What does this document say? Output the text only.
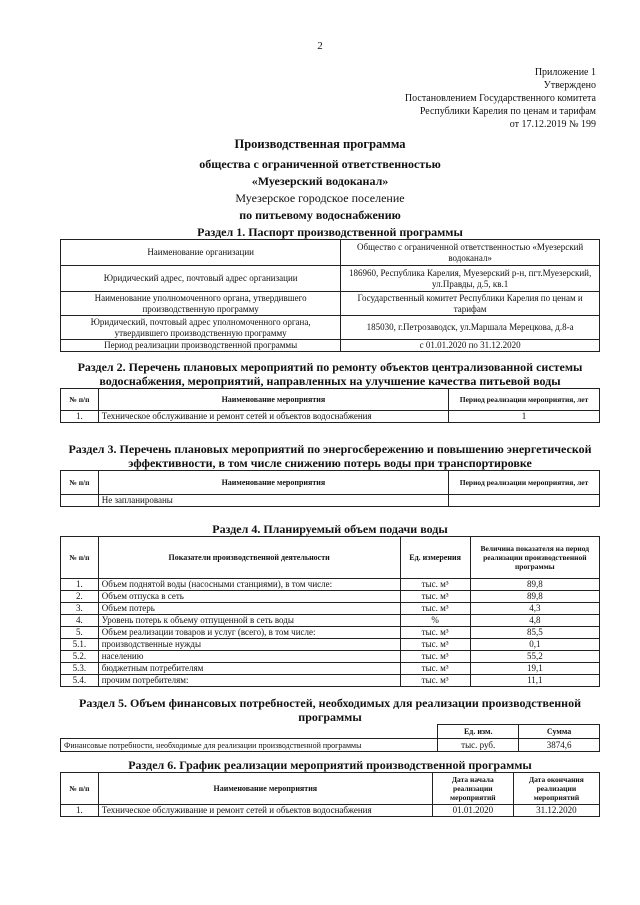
2
Приложение 1
Утверждено
Постановлением Государственного комитета
Республики Карелия по ценам и тарифам
от 17.12.2019 № 199
Производственная программа
общества с ограниченной ответственностью
«Муезерский водоканал»
Муезерское городское поселение
по питьевому водоснабжению
Раздел 1. Паспорт производственной программы
Наименование организации	Общество с ограниченной ответственностью «Муезерский водоканал»
Юридический адрес, почтовый адрес организации	186960, Республика Карелия, Муезерский р-н, пгт.Муезерский, ул.Правды, д.5, кв.1
Наименование уполномоченного органа, утвердившего производственную программу	Государственный комитет Республики Карелия по ценам и тарифам
Юридический, почтовый адрес уполномоченного органа, утвердившего производственную программу	185030, г.Петрозаводск, ул.Маршала Мерецкова, д.8-а
Период реализации производственной программы	с 01.01.2020 по 31.12.2020
Раздел 2. Перечень плановых мероприятий по ремонту объектов централизованной системы водоснабжения, мероприятий, направленных на улучшение качества питьевой воды
№ п/п	Наименование мероприятия	Период реализации мероприятия, лет
1.	Техническое обслуживание и ремонт сетей и объектов водоснабжения	1
Раздел 3. Перечень плановых мероприятий по энергосбережению и повышению энергетической эффективности, в том числе снижению потерь воды при транспортировке
№ п/п	Наименование мероприятия	Период реализации мероприятия, лет
	Не запланированы	
Раздел 4. Планируемый объем подачи воды
№ п/п	Показатели производственной деятельности	Ед. измерения	Величина показателя на период реализации производственной программы
1.	Объем поднятой воды (насосными станциями), в том числе:	тыс. м³	89,8
2.	Объем отпуска в сеть	тыс. м³	89,8
3.	Объем потерь	тыс. м³	4,3
4.	Уровень потерь к объему отпущенной в сеть воды	%	4,8
5.	Объем реализации товаров и услуг (всего), в том числе:	тыс. м³	85,5
5.1.	производственные нужды	тыс. м³	0,1
5.2.	населению	тыс. м³	55,2
5.3.	бюджетным потребителям	тыс. м³	19,1
5.4.	прочим потребителям:	тыс. м³	11,1
Раздел 5. Объем финансовых потребностей, необходимых для реализации производственной программы
	Ед. изм.	Сумма
Финансовые потребности, необходимые для реализации производственной программы	тыс. руб.	3874,6
Раздел 6. График реализации мероприятий производственной программы
№ п/п	Наименование мероприятия	Дата начала реализации мероприятий	Дата окончания реализации мероприятий
1.	Техническое обслуживание и ремонт сетей и объектов водоснабжения	01.01.2020	31.12.2020
